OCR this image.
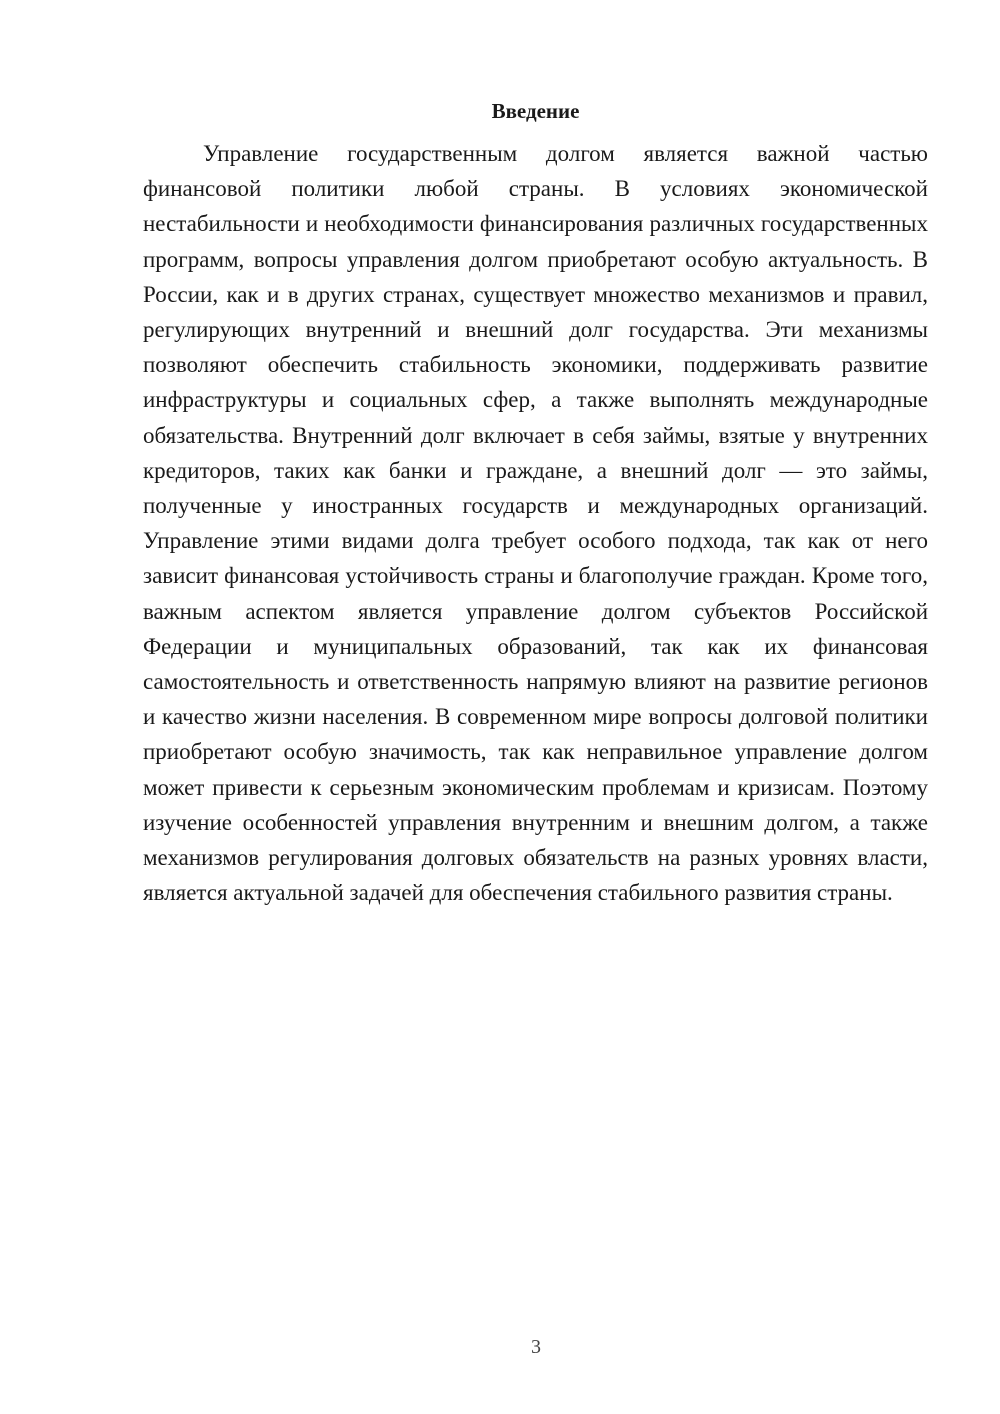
Введение

Управление государственным долгом является важной частью финансовой политики любой страны. В условиях экономической нестабильности и необходимости финансирования различных государственных программ, вопросы управления долгом приобретают особую актуальность. В России, как и в других странах, существует множество механизмов и правил, регулирующих внутренний и внешний долг государства. Эти механизмы позволяют обеспечить стабильность экономики, поддерживать развитие инфраструктуры и социальных сфер, а также выполнять международные обязательства. Внутренний долг включает в себя займы, взятые у внутренних кредиторов, таких как банки и граждане, а внешний долг — это займы, полученные у иностранных государств и международных организаций. Управление этими видами долга требует особого подхода, так как от него зависит финансовая устойчивость страны и благополучие граждан. Кроме того, важным аспектом является управление долгом субъектов Российской Федерации и муниципальных образований, так как их финансовая самостоятельность и ответственность напрямую влияют на развитие регионов и качество жизни населения. В современном мире вопросы долговой политики приобретают особую значимость, так как неправильное управление долгом может привести к серьезным экономическим проблемам и кризисам. Поэтому изучение особенностей управления внутренним и внешним долгом, а также механизмов регулирования долговых обязательств на разных уровнях власти, является актуальной задачей для обеспечения стабильного развития страны.

3
